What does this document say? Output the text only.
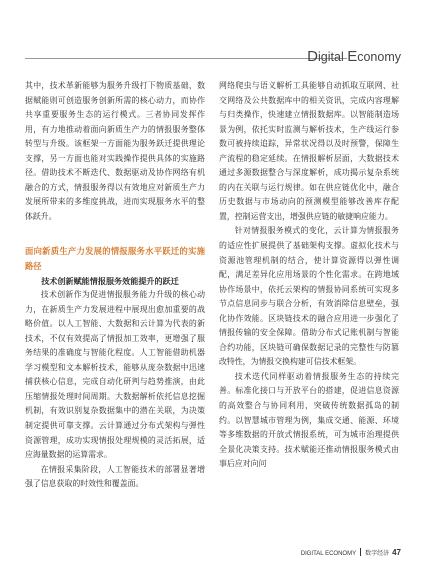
Digital Economy

其中，技术革新能够为服务升级打下物质基础，数据赋能则可创造服务创新所需的核心动力，而协作共享重要服务生态的运行模式。三者协同发挥作用，有力地推动着面向新质生产力的情报服务整体转型与升级。该框架一方面能为服务跃迁提供理论支撑，另一方面也能对实践操作提供具体的实施路径。借助技术不断迭代、数据驱动及协作网络有机融合的方式，情报服务得以有效地应对新质生产力发展所带来的多维度挑战，进而实现服务水平的整体跃升。

面向新质生产力发展的情报服务水平跃迁的实施路径

技术创新赋能情报服务效能提升的跃迁

技术创新作为促进情报服务能力升级的核心动力，在新质生产力发展进程中展现出愈加重要的战略价值。以人工智能、大数据和云计算为代表的新技术，不仅有效提高了情报加工效率，更增强了服务结果的准确度与智能化程度。人工智能借助机器学习模型和文本解析技术，能够从庞杂数据中迅速捕获核心信息，完成自动化研判与趋势推演，由此压缩情报处理时间周期。大数据解析依托信息挖掘机制，有效识别复杂数据集中的潜在关联，为决策制定提供可靠支撑。云计算通过分布式架构与弹性资源管理，成功实现情报处理规模的灵活拓展，适应海量数据的运算需求。

在情报采集阶段，人工智能技术的部署显著增强了信息获取的时效性和覆盖面。

网络爬虫与语义解析工具能够自动抓取互联网、社交网络及公共数据库中的相关资讯，完成内容理解与归类操作，快速建立情报数据库。以智能制造场景为例，依托实时监测与解析技术，生产线运行参数可被持续追踪，异常状况得以及时预警，保障生产流程的稳定延续。在情报解析层面，大数据技术通过多源数据整合与深度解析，成功揭示复杂系统的内在关联与运行规律。如在供应链优化中，融合历史数据与市场动向的预测模型能够改善库存配置，控制运营支出，增强供应链的敏捷响应能力。

针对情报服务模式的变化，云计算为情报服务的适应性扩展提供了基础架构支撑。虚拟化技术与资源池管理机制的结合，使计算资源得以弹性调配，满足差异化应用场景的个性化需求。在跨地域协作场景中，依托云架构的情报协同系统可实现多节点信息同步与联合分析，有效消除信息壁垒，强化协作效能。区块链技术的融合应用进一步强化了情报传输的安全保障。借助分布式记账机制与智能合约功能，区块链可确保数据记录的完整性与防篡改特性，为情报交换构建可信技术框架。

技术迭代同样驱动着情报服务生态的持续完善。标准化接口与开放平台的搭建，促进信息资源的高效整合与协同利用，突破传统数据孤岛的制约。以智慧城市管理为例，集成交通、能源、环境等多维数据的开放式情报系统，可为城市治理提供全景化决策支持。技术赋能还推动情报服务模式由事后应对向问

DIGITAL ECONOMY 数字经济 47
